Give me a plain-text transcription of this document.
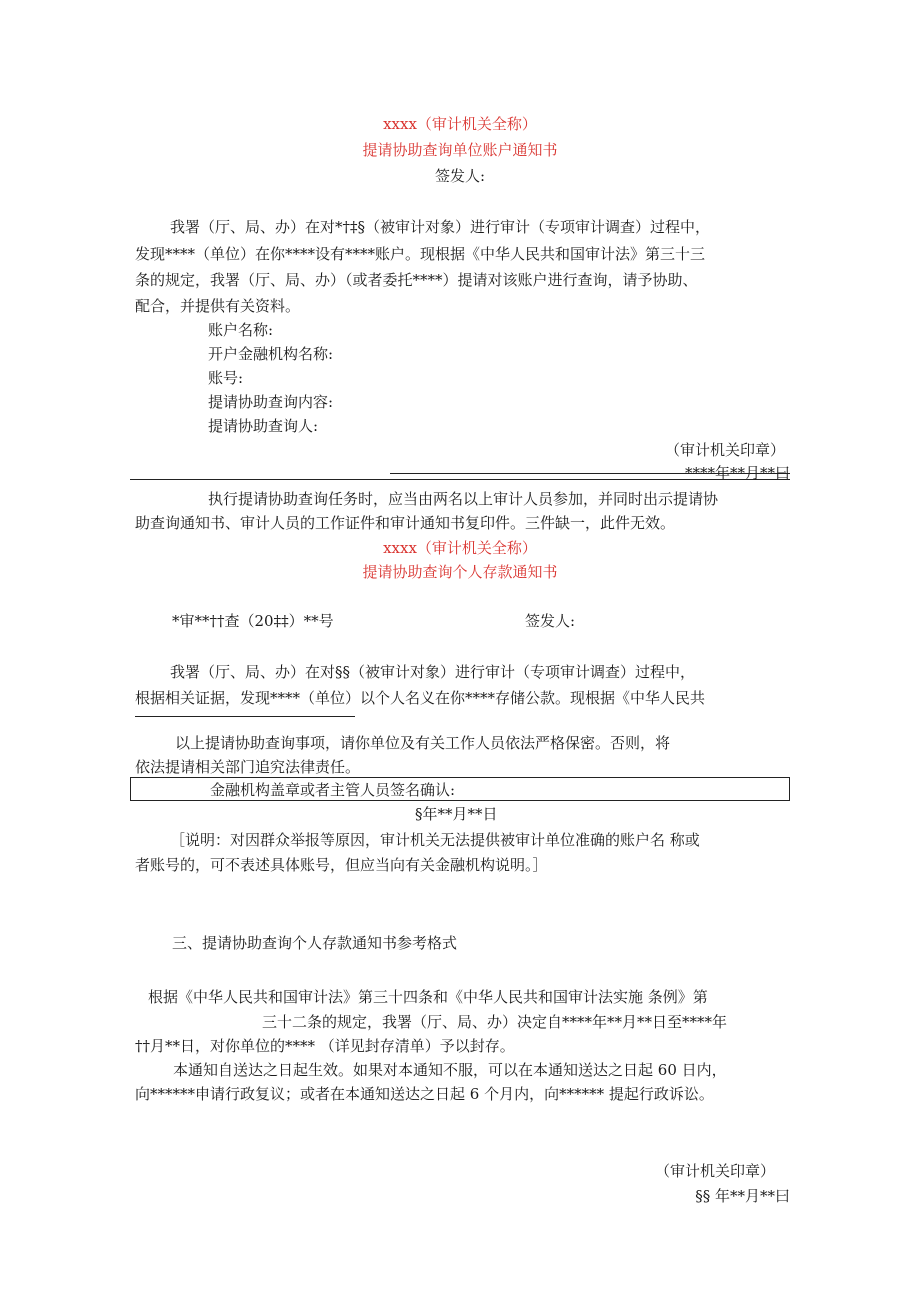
xxxx（审计机关全称）
提请协助查询单位账户通知书
签发人:
我署（厅、局、办）在对*†‡§（被审计对象）进行审计（专项审计调查）过程中，
发现****（单位）在你****设有****账户。现根据《中华人民共和国审计法》第三十三
条的规定，我署（厅、局、办）（或者委托****）提请对该账户进行查询，请予协助、
配合，并提供有关资料。
账户名称:
开户金融机构名称:
账号:
提请协助查询内容:
提请协助查询人:
（审计机关印章）
****年**月**曰
执行提请协助查询任务时，应当由两名以上审计人员参加，并同时出示提请协
助查询通知书、审计人员的工作证件和审计通知书复印件。三件缺一，此件无效。
xxxx（审计机关全称）
提请协助查询个人存款通知书
*审**††查（20‡‡）**号	签发人:
我署（厅、局、办）在对§§（被审计对象）进行审计（专项审计调查）过程中，
根据相关证据，发现****（单位）以个人名义在你****存储公款。现根据《中华人民共
以上提请协助查询事项，请你单位及有关工作人员依法严格保密。否则，将
依法提请相关部门追究法律责任。
金融机构盖章或者主管人员签名确认:
§年**月**日
［说明：对因群众举报等原因，审计机关无法提供被审计单位准确的账户名 称或
者账号的，可不表述具体账号，但应当向有关金融机构说明。］
三、提请协助查询个人存款通知书参考格式
根据《中华人民共和国审计法》第三十四条和《中华人民共和国审计法实施 条例》第
三十二条的规定，我署（厅、局、办）决定自****年**月**日至****年
††月**日，对你单位的**** （详见封存清单）予以封存。
本通知自送达之日起生效。如果对本通知不服，可以在本通知送达之日起 60 日内，
向******申请行政复议；或者在本通知送达之日起 6 个月内，向****** 提起行政诉讼。
（审计机关印章）
§§ 年**月**曰
